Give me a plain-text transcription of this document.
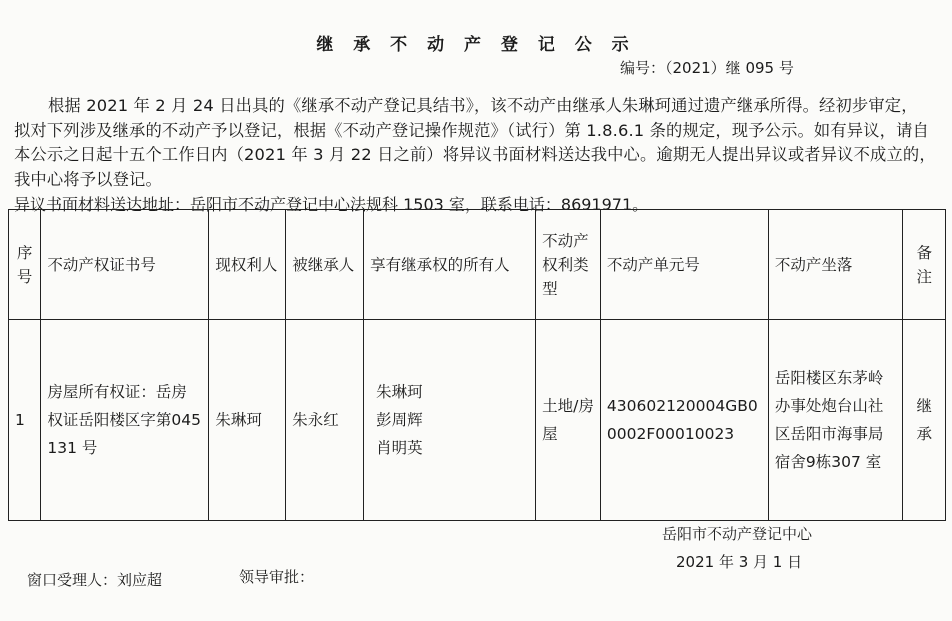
继 承 不 动 产 登 记 公 示
编号：（2021）继 095 号
根据 2021 年 2 月 24 日出具的《继承不动产登记具结书》，该不动产由继承人朱琳珂通过遗产继承所得。经初步审定， 拟对下列涉及继承的不动产予以登记，根据《不动产登记操作规范》（试行）第 1.8.6.1 条的规定，现予公示。如有异议，请自本公示之日起十五个工作日内（2021 年 3 月 22 日之前）将异议书面材料送达我中心。逾期无人提出异议或者异议不成立的，我中心将予以登记。
异议书面材料送达地址：岳阳市不动产登记中心法规科 1503 室，联系电话：8691971。
序号	不动产权证书号	现权利人	被继承人	享有继承权的所有人	不动产权利类型	不动产单元号	不动产坐落	备注
1	房屋所有权证：岳房权证岳阳楼区字第045131 号	朱琳珂	朱永红	朱琳珂
彭周辉
肖明英	土地/房屋	430602120004GB00002F00010023	岳阳楼区东茅岭办事处炮台山社区岳阳市海事局宿舍9栋307 室	继承
岳阳市不动产登记中心
2021 年 3 月 1 日
窗口受理人：刘应超	领导审批：
